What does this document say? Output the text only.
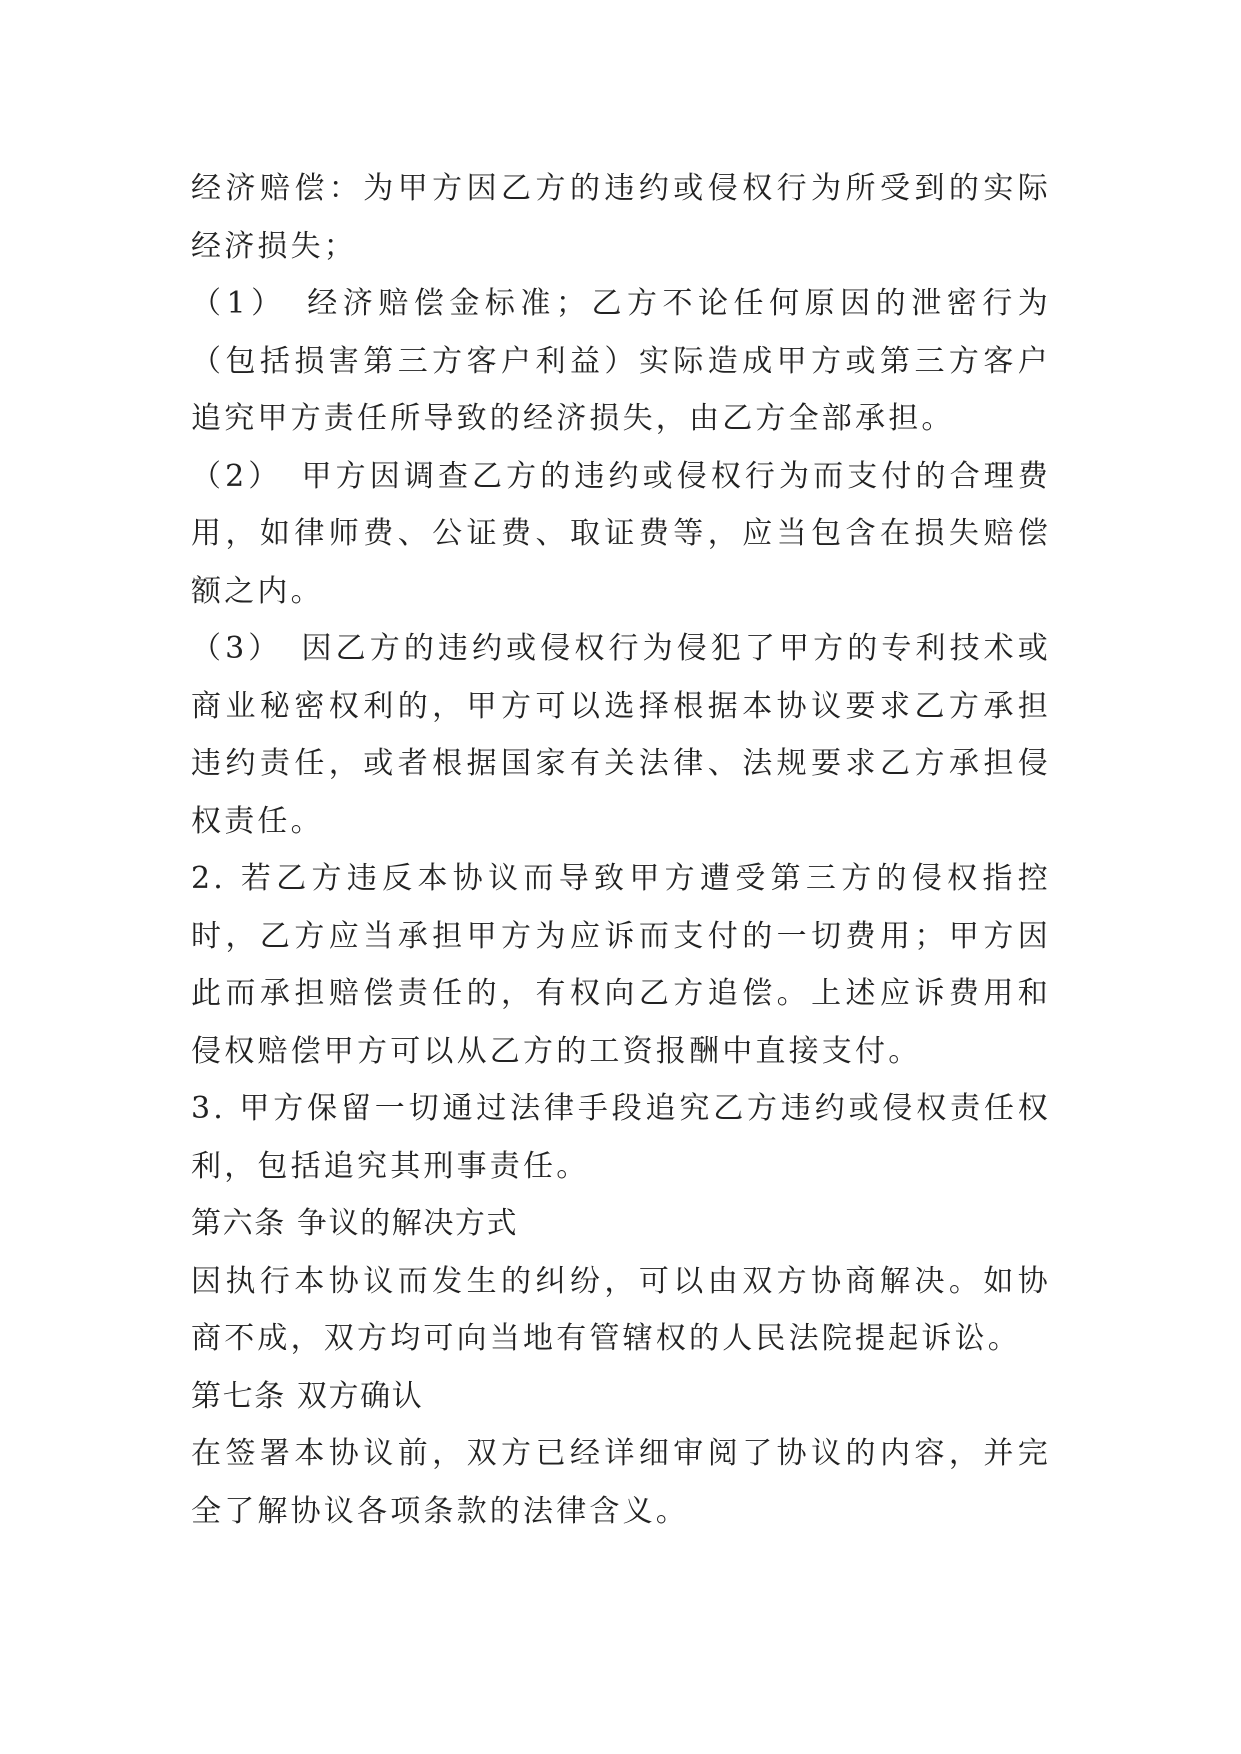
经济赔偿：为甲方因乙方的违约或侵权行为所受到的实际经济损失；

（1）　经济赔偿金标准；乙方不论任何原因的泄密行为（包括损害第三方客户利益）实际造成甲方或第三方客户追究甲方责任所导致的经济损失，由乙方全部承担。

（2）　甲方因调查乙方的违约或侵权行为而支付的合理费用，如律师费、公证费、取证费等，应当包含在损失赔偿额之内。

（3）　因乙方的违约或侵权行为侵犯了甲方的专利技术或商业秘密权利的，甲方可以选择根据本协议要求乙方承担违约责任，或者根据国家有关法律、法规要求乙方承担侵权责任。

2. 若乙方违反本协议而导致甲方遭受第三方的侵权指控时，乙方应当承担甲方为应诉而支付的一切费用；甲方因此而承担赔偿责任的，有权向乙方追偿。上述应诉费用和侵权赔偿甲方可以从乙方的工资报酬中直接支付。

3. 甲方保留一切通过法律手段追究乙方违约或侵权责任权利，包括追究其刑事责任。

第六条 争议的解决方式

因执行本协议而发生的纠纷，可以由双方协商解决。如协商不成，双方均可向当地有管辖权的人民法院提起诉讼。

第七条 双方确认

在签署本协议前，双方已经详细审阅了协议的内容，并完全了解协议各项条款的法律含义。
